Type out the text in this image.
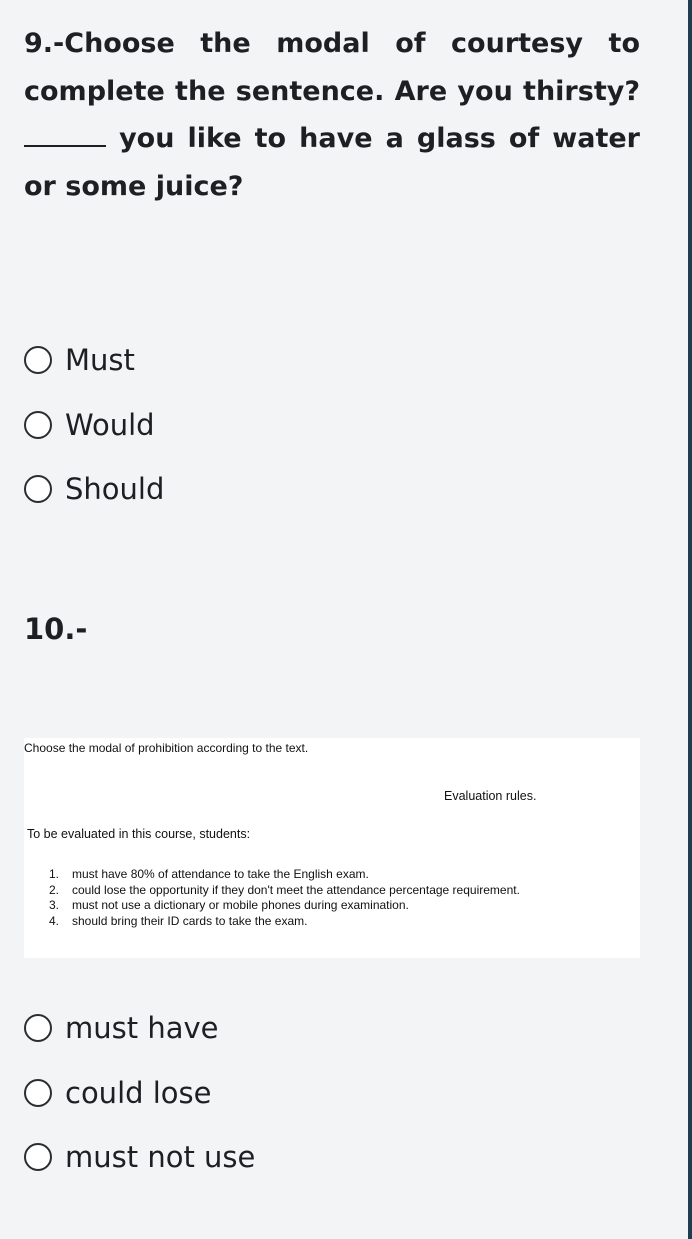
9.-Choose the modal of courtesy to complete the sentence. Are you thirsty?  you like to have a glass of water or some juice?

Must
Would
Should

10.-

Choose the modal of prohibition according to the text.

Evaluation rules.

To be evaluated in this course, students:

1.	must have 80% of attendance to take the English exam.
2.	could lose the opportunity if they don't meet the attendance percentage requirement.
3.	must not use a dictionary or mobile phones during examination.
4.	should bring their ID cards to take the exam.
must have
could lose
must not use
